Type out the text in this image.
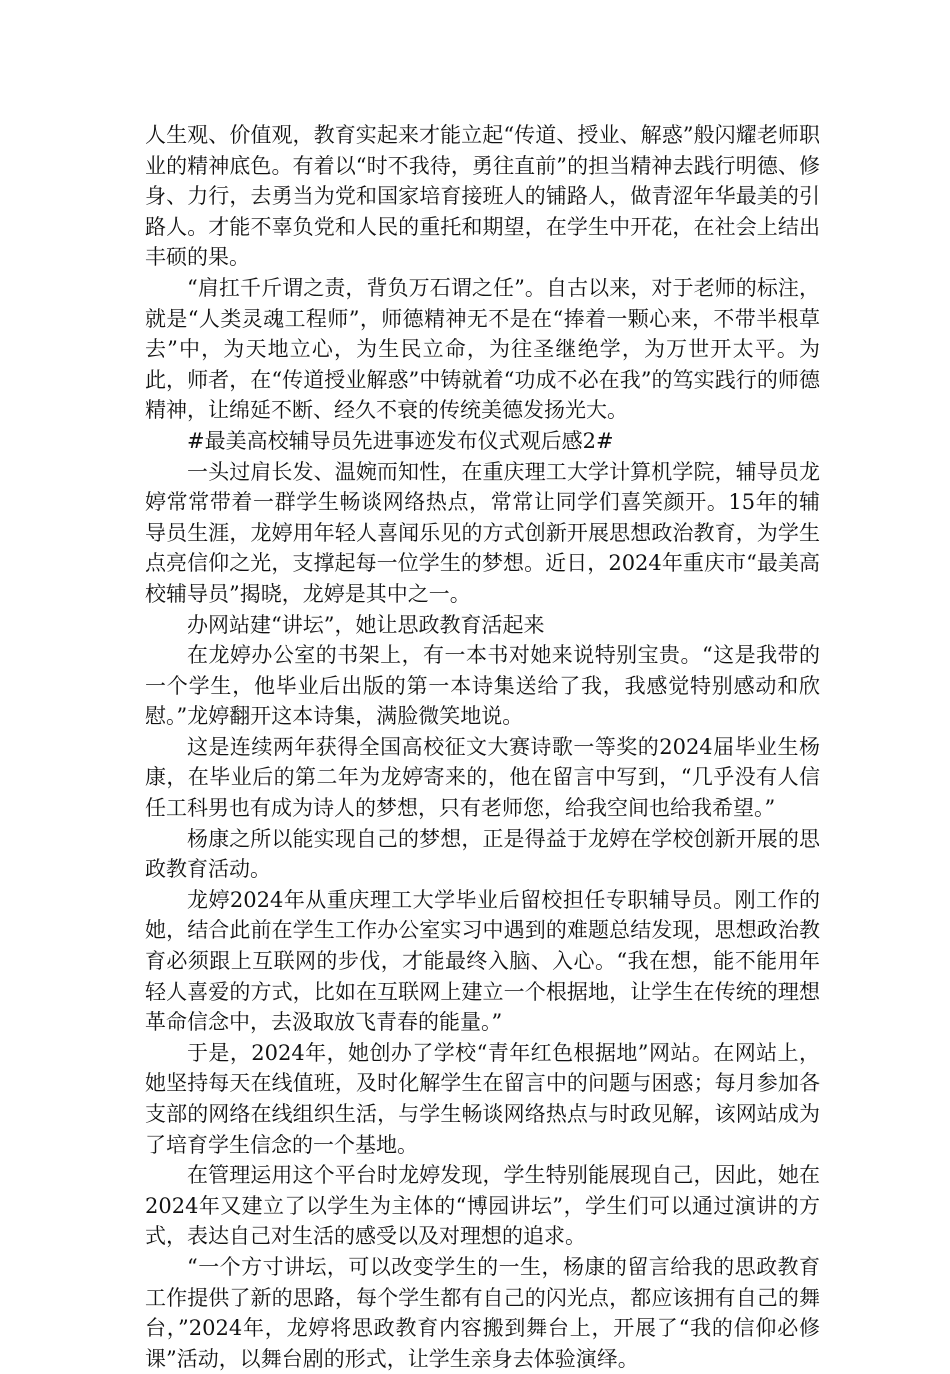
人生观、价值观，教育实起来才能立起“传道、授业、解惑”般闪耀老师职业的精神底色。有着以“时不我待，勇往直前”的担当精神去践行明德、修身、力行，去勇当为党和国家培育接班人的铺路人，做青涩年华最美的引路人。才能不辜负党和人民的重托和期望，在学生中开花，在社会上结出丰硕的果。

“肩扛千斤谓之责，背负万石谓之任”。自古以来，对于老师的标注，就是“人类灵魂工程师”，师德精神无不是在“捧着一颗心来，不带半根草去”中，为天地立心，为生民立命，为往圣继绝学，为万世开太平。为此，师者，在“传道授业解惑”中铸就着“功成不必在我”的笃实践行的师德精神，让绵延不断、经久不衰的传统美德发扬光大。

#最美高校辅导员先进事迹发布仪式观后感2#

一头过肩长发、温婉而知性，在重庆理工大学计算机学院，辅导员龙婷常常带着一群学生畅谈网络热点，常常让同学们喜笑颜开。15年的辅导员生涯，龙婷用年轻人喜闻乐见的方式创新开展思想政治教育，为学生点亮信仰之光，支撑起每一位学生的梦想。近日，2024年重庆市“最美高校辅导员”揭晓，龙婷是其中之一。

办网站建“讲坛”，她让思政教育活起来

在龙婷办公室的书架上，有一本书对她来说特别宝贵。“这是我带的一个学生，他毕业后出版的第一本诗集送给了我，我感觉特别感动和欣慰。”龙婷翻开这本诗集，满脸微笑地说。

这是连续两年获得全国高校征文大赛诗歌一等奖的2024届毕业生杨康，在毕业后的第二年为龙婷寄来的，他在留言中写到，“几乎没有人信任工科男也有成为诗人的梦想，只有老师您，给我空间也给我希望。”

杨康之所以能实现自己的梦想，正是得益于龙婷在学校创新开展的思政教育活动。

龙婷2024年从重庆理工大学毕业后留校担任专职辅导员。刚工作的她，结合此前在学生工作办公室实习中遇到的难题总结发现，思想政治教育必须跟上互联网的步伐，才能最终入脑、入心。“我在想，能不能用年轻人喜爱的方式，比如在互联网上建立一个根据地，让学生在传统的理想革命信念中，去汲取放飞青春的能量。”

于是，2024年，她创办了学校“青年红色根据地”网站。在网站上，她坚持每天在线值班，及时化解学生在留言中的问题与困惑；每月参加各支部的网络在线组织生活，与学生畅谈网络热点与时政见解，该网站成为了培育学生信念的一个基地。

在管理运用这个平台时龙婷发现，学生特别能展现自己，因此，她在2024年又建立了以学生为主体的“博园讲坛”，学生们可以通过演讲的方式，表达自己对生活的感受以及对理想的追求。

“一个方寸讲坛，可以改变学生的一生，杨康的留言给我的思政教育工作提供了新的思路，每个学生都有自己的闪光点，都应该拥有自己的舞台，”2024年，龙婷将思政教育内容搬到舞台上，开展了“我的信仰必修课”活动，以舞台剧的形式，让学生亲身去体验演绎。
